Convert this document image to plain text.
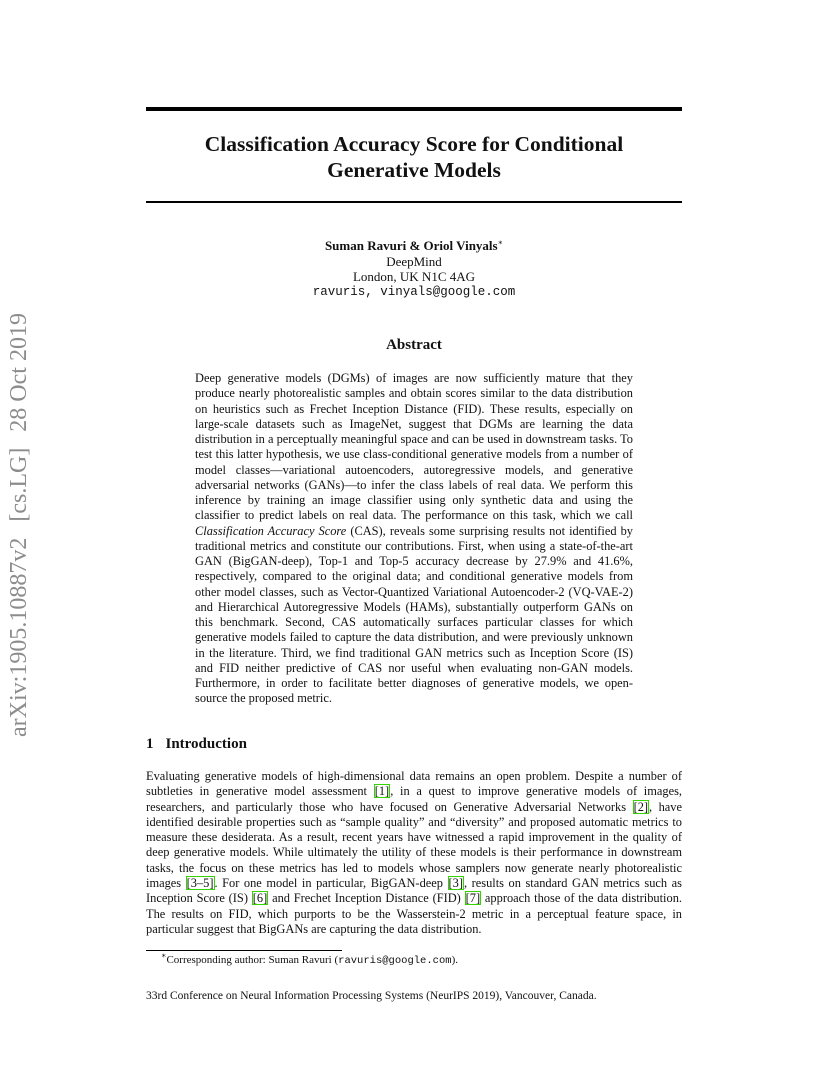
arXiv:1905.10887v2[cs.LG]28 Oct 2019
Classification Accuracy Score for Conditional
Generative Models
Suman Ravuri & Oriol Vinyals∗
DeepMind
London, UK N1C 4AG
ravuris, vinyals@google.com
Abstract

Deep generative models (DGMs) of images are now sufficiently mature that they produce nearly photorealistic samples and obtain scores similar to the data distribution on heuristics such as Frechet Inception Distance (FID). These results, especially on large-scale datasets such as ImageNet, suggest that DGMs are learning the data distribution in a perceptually meaningful space and can be used in downstream tasks. To test this latter hypothesis, we use class-conditional generative models from a number of model classes—variational autoencoders, autoregressive models, and generative adversarial networks (GANs)—to infer the class labels of real data. We perform this inference by training an image classifier using only synthetic data and using the classifier to predict labels on real data. The performance on this task, which we call Classification Accuracy Score (CAS), reveals some surprising results not identified by traditional metrics and constitute our contributions. First, when using a state-of-the-art GAN (BigGAN-deep), Top-1 and Top-5 accuracy decrease by 27.9% and 41.6%, respectively, compared to the original data; and conditional generative models from other model classes, such as Vector-Quantized Variational Autoencoder-2 (VQ-VAE-2) and Hierarchical Autoregressive Models (HAMs), substantially outperform GANs on this benchmark. Second, CAS automatically surfaces particular classes for which generative models failed to capture the data distribution, and were previously unknown in the literature. Third, we find traditional GAN metrics such as Inception Score (IS) and FID neither predictive of CAS nor useful when evaluating non-GAN models. Furthermore, in order to facilitate better diagnoses of generative models, we open-source the proposed metric.

1 Introduction

Evaluating generative models of high-dimensional data remains an open problem. Despite a number of subtleties in generative model assessment [1], in a quest to improve generative models of images, researchers, and particularly those who have focused on Generative Adversarial Networks [2], have identified desirable properties such as “sample quality” and “diversity” and proposed automatic metrics to measure these desiderata. As a result, recent years have witnessed a rapid improvement in the quality of deep generative models. While ultimately the utility of these models is their performance in downstream tasks, the focus on these metrics has led to models whose samplers now generate nearly photorealistic images [3–5]. For one model in particular, BigGAN-deep [3], results on standard GAN metrics such as Inception Score (IS) [6] and Frechet Inception Distance (FID) [7] approach those of the data distribution. The results on FID, which purports to be the Wasserstein-2 metric in a perceptual feature space, in particular suggest that BigGANs are capturing the data distribution.

∗Corresponding author: Suman Ravuri (ravuris@google.com).
33rd Conference on Neural Information Processing Systems (NeurIPS 2019), Vancouver, Canada.
